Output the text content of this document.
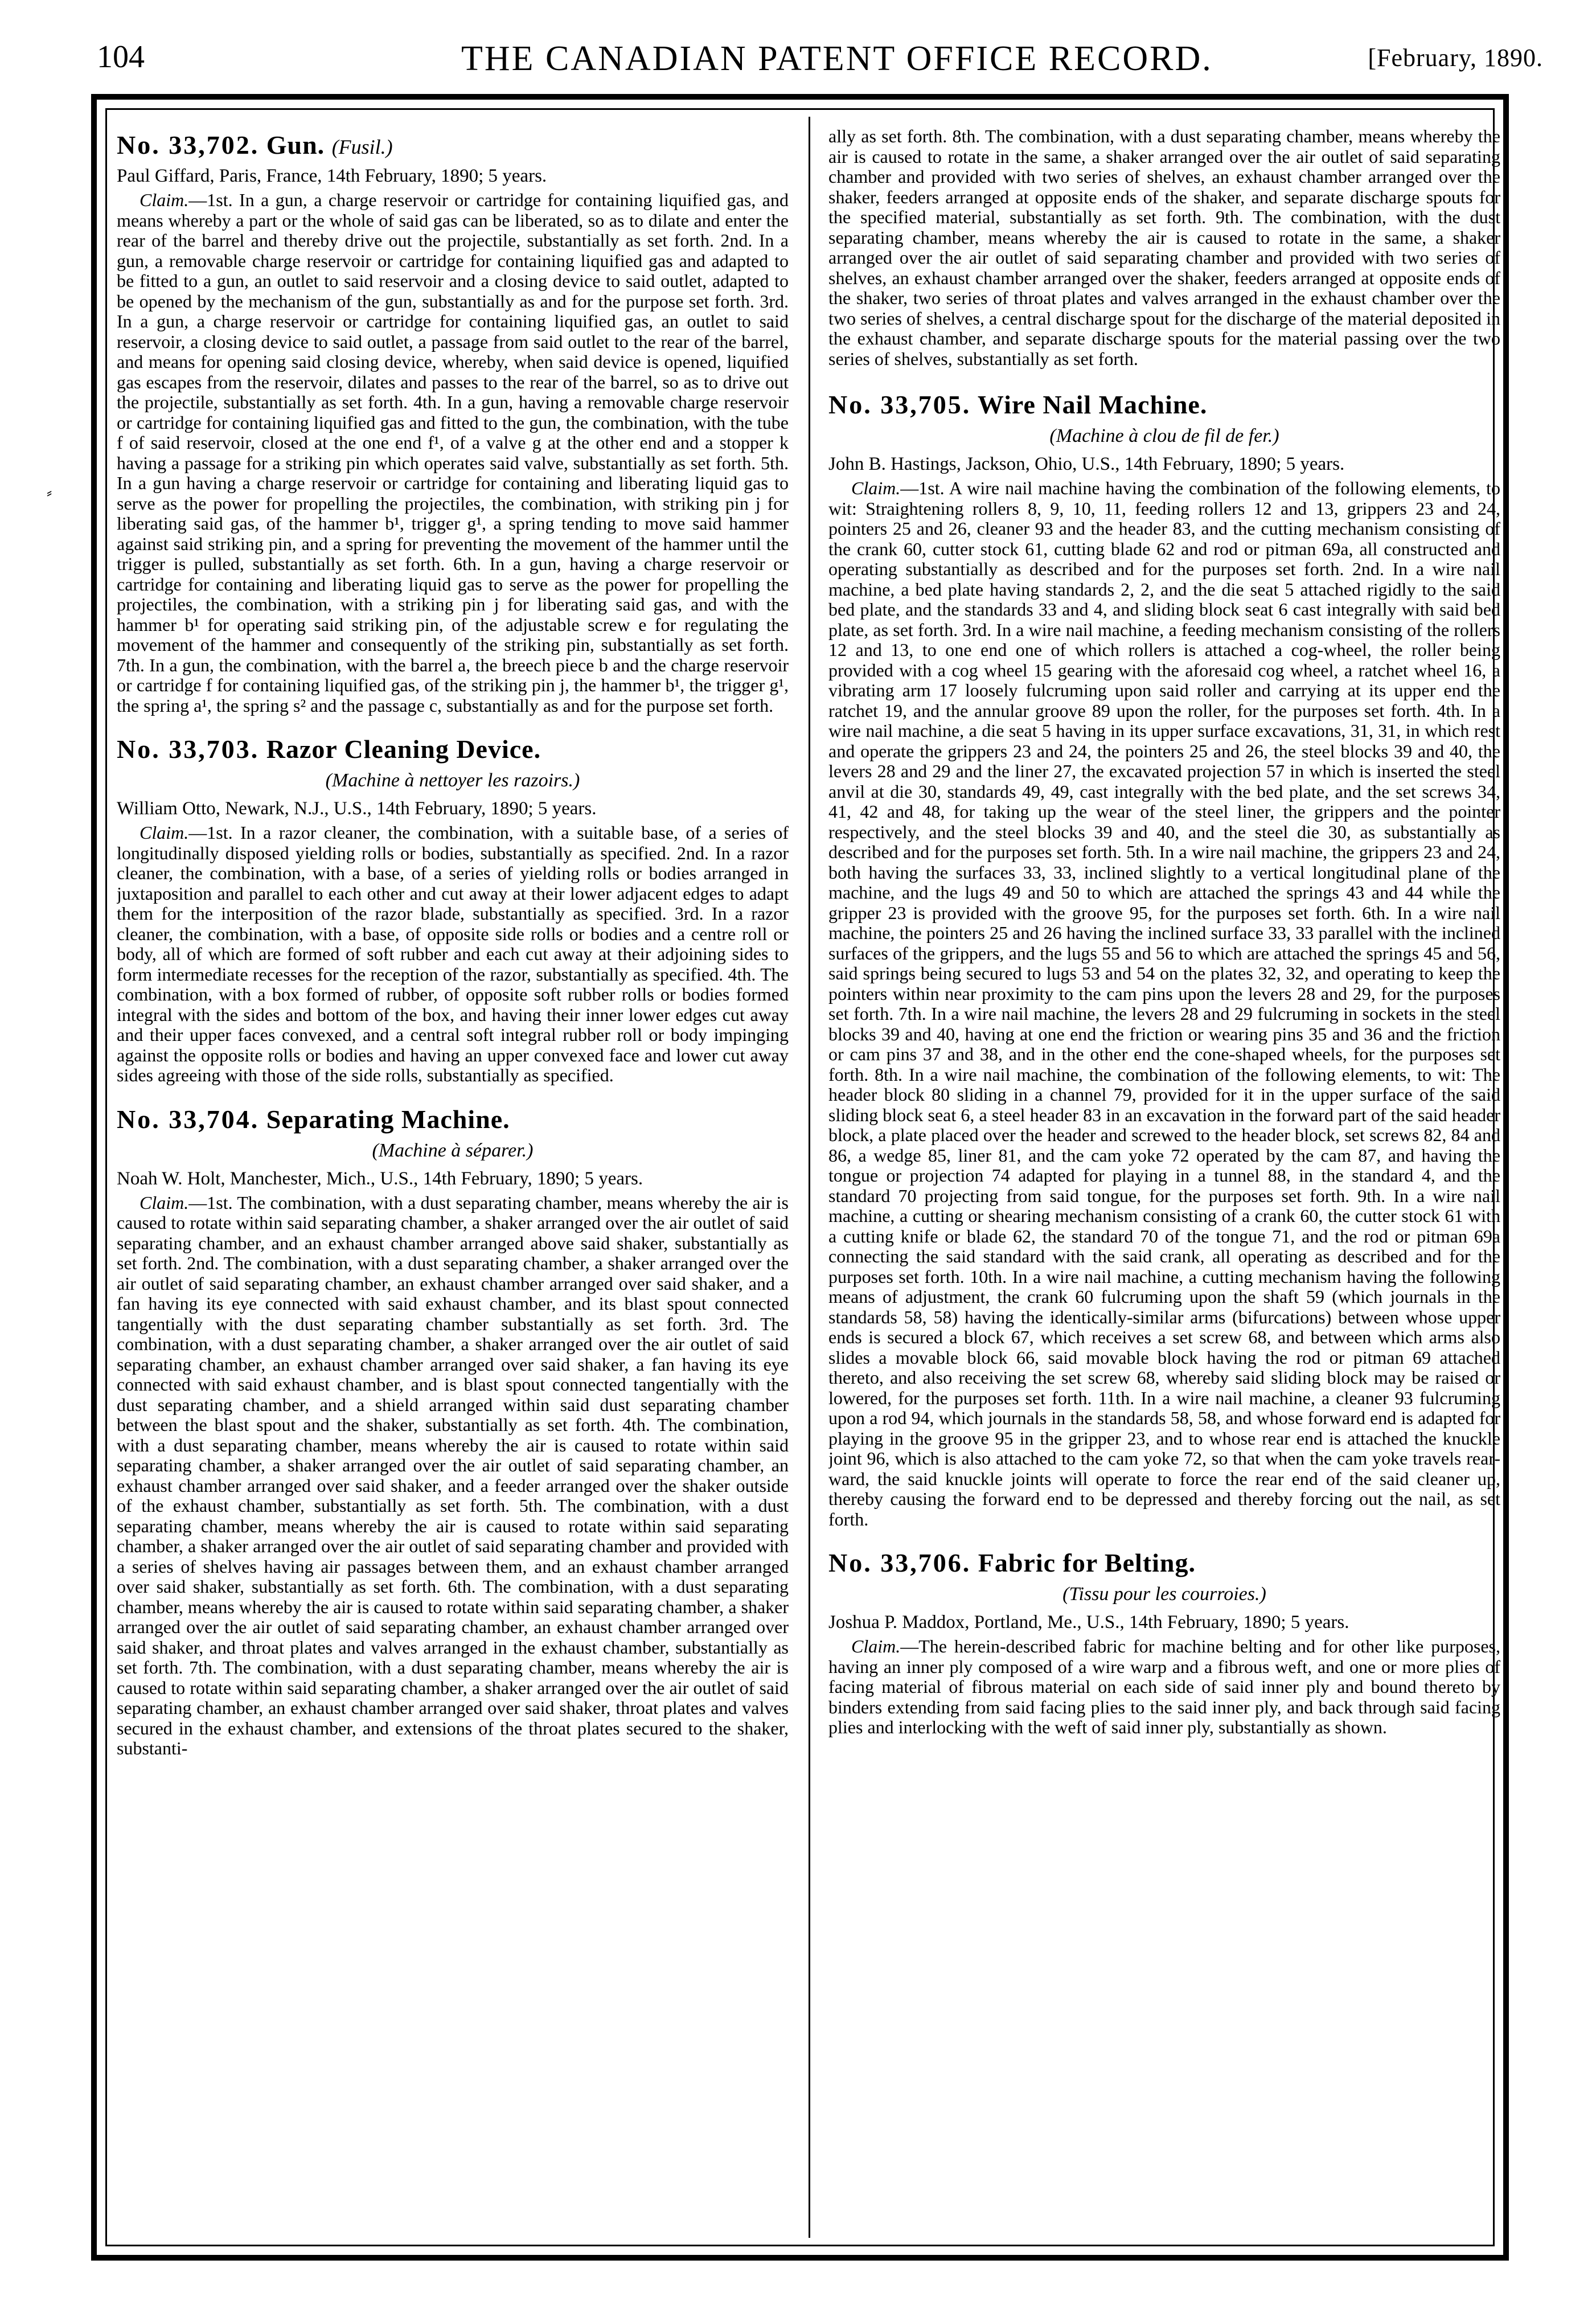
104	THE CANADIAN PATENT OFFICE RECORD.	[February, 1890.
⸗
No. 33,702. Gun. (Fusil.)

Paul Giffard, Paris, France, 14th February, 1890; 5 years.

Claim.—1st. In a gun, a charge reservoir or cartridge for containing liquified gas, and means whereby a part or the whole of said gas can be liberated, so as to dilate and enter the rear of the barrel and thereby drive out the projectile, substantially as set forth. 2nd. In a gun, a removable charge reservoir or cartridge for containing liquified gas and adapted to be fitted to a gun, an outlet to said reservoir and a closing device to said outlet, adapted to be opened by the mechanism of the gun, substantially as and for the purpose set forth. 3rd. In a gun, a charge reservoir or cartridge for containing liquified gas, an outlet to said reservoir, a closing device to said outlet, a passage from said outlet to the rear of the barrel, and means for opening said closing device, whereby, when said device is opened, liquified gas escapes from the reservoir, dilates and passes to the rear of the barrel, so as to drive out the projectile, substantially as set forth. 4th. In a gun, having a removable charge reservoir or cartridge for containing liquified gas and fitted to the gun, the combination, with the tube f of said reservoir, closed at the one end f¹, of a valve g at the other end and a stopper k having a passage for a striking pin which operates said valve, substantially as set forth. 5th. In a gun having a charge reservoir or cartridge for containing and liberating liquid gas to serve as the power for propelling the projectiles, the combination, with striking pin j for liberating said gas, of the hammer b¹, trigger g¹, a spring tending to move said hammer against said striking pin, and a spring for preventing the movement of the hammer until the trigger is pulled, substantially as set forth. 6th. In a gun, having a charge reservoir or cartridge for containing and liberating liquid gas to serve as the power for propelling the projectiles, the combination, with a striking pin j for liberating said gas, and with the hammer b¹ for operating said striking pin, of the adjustable screw e for regulating the movement of the hammer and consequently of the striking pin, substantially as set forth. 7th. In a gun, the combination, with the barrel a, the breech piece b and the charge reservoir or cartridge f for containing liquified gas, of the striking pin j, the hammer b¹, the trigger g¹, the spring a¹, the spring s² and the passage c, substantially as and for the purpose set forth.

No. 33,703. Razor Cleaning Device.
(Machine à nettoyer les razoirs.)

William Otto, Newark, N.J., U.S., 14th February, 1890; 5 years.

Claim.—1st. In a razor cleaner, the combination, with a suitable base, of a series of longitudinally disposed yielding rolls or bodies, substantially as specified. 2nd. In a razor cleaner, the combination, with a base, of a series of yielding rolls or bodies arranged in juxtaposition and parallel to each other and cut away at their lower adjacent edges to adapt them for the interposition of the razor blade, substantially as specified. 3rd. In a razor cleaner, the combination, with a base, of opposite side rolls or bodies and a centre roll or body, all of which are formed of soft rubber and each cut away at their adjoining sides to form intermediate recesses for the reception of the razor, substantially as specified. 4th. The combination, with a box formed of rubber, of opposite soft rubber rolls or bodies formed integral with the sides and bottom of the box, and having their inner lower edges cut away and their upper faces convexed, and a central soft integral rubber roll or body impinging against the opposite rolls or bodies and having an upper convexed face and lower cut away sides agreeing with those of the side rolls, substantially as specified.

No. 33,704. Separating Machine.
(Machine à séparer.)

Noah W. Holt, Manchester, Mich., U.S., 14th February, 1890; 5 years.

Claim.—1st. The combination, with a dust separating chamber, means whereby the air is caused to rotate within said separating chamber, a shaker arranged over the air outlet of said separating chamber, and an exhaust chamber arranged above said shaker, substantially as set forth. 2nd. The combination, with a dust separating chamber, a shaker arranged over the air outlet of said separating chamber, an exhaust chamber arranged over said shaker, and a fan having its eye connected with said exhaust chamber, and its blast spout connected tangentially with the dust separating chamber substantially as set forth. 3rd. The combination, with a dust separating chamber, a shaker arranged over the air outlet of said separating chamber, an exhaust chamber arranged over said shaker, a fan having its eye connected with said exhaust chamber, and is blast spout connected tangentially with the dust separating chamber, and a shield arranged within said dust separating chamber between the blast spout and the shaker, substantially as set forth. 4th. The combination, with a dust separating chamber, means whereby the air is caused to rotate within said separating chamber, a shaker arranged over the air outlet of said separating chamber, an exhaust chamber arranged over said shaker, and a feeder arranged over the shaker outside of the exhaust chamber, substantially as set forth. 5th. The combination, with a dust separating chamber, means whereby the air is caused to rotate within said separating chamber, a shaker arranged over the air outlet of said separating chamber and provided with a series of shelves having air passages between them, and an exhaust chamber arranged over said shaker, substantially as set forth. 6th. The combination, with a dust separating chamber, means whereby the air is caused to rotate within said separating chamber, a shaker arranged over the air outlet of said separating chamber, an exhaust chamber arranged over said shaker, and throat plates and valves arranged in the exhaust chamber, substantially as set forth. 7th. The combination, with a dust separating chamber, means whereby the air is caused to rotate within said separating chamber, a shaker arranged over the air outlet of said separating chamber, an exhaust chamber arranged over said shaker, throat plates and valves secured in the exhaust chamber, and extensions of the throat plates secured to the shaker, substanti-

ally as set forth. 8th. The combination, with a dust separating chamber, means whereby the air is caused to rotate in the same, a shaker arranged over the air outlet of said separating chamber and provided with two series of shelves, an exhaust chamber arranged over the shaker, feeders arranged at opposite ends of the shaker, and separate discharge spouts for the specified material, substantially as set forth. 9th. The combination, with the dust separating chamber, means whereby the air is caused to rotate in the same, a shaker arranged over the air outlet of said separating chamber and provided with two series of shelves, an exhaust chamber arranged over the shaker, feeders arranged at opposite ends of the shaker, two series of throat plates and valves arranged in the exhaust chamber over the two series of shelves, a central discharge spout for the discharge of the material deposited in the exhaust chamber, and separate discharge spouts for the material passing over the two series of shelves, substantially as set forth.

No. 33,705. Wire Nail Machine.
(Machine à clou de fil de fer.)

John B. Hastings, Jackson, Ohio, U.S., 14th February, 1890; 5 years.

Claim.—1st. A wire nail machine having the combination of the following elements, to wit: Straightening rollers 8, 9, 10, 11, feeding rollers 12 and 13, grippers 23 and 24, pointers 25 and 26, cleaner 93 and the header 83, and the cutting mechanism consisting of the crank 60, cutter stock 61, cutting blade 62 and rod or pitman 69a, all constructed and operating substantially as described and for the purposes set forth. 2nd. In a wire nail machine, a bed plate having standards 2, 2, and the die seat 5 attached rigidly to the said bed plate, and the standards 33 and 4, and sliding block seat 6 cast integrally with said bed plate, as set forth. 3rd. In a wire nail machine, a feeding mechanism consisting of the rollers 12 and 13, to one end one of which rollers is attached a cog-wheel, the roller being provided with a cog wheel 15 gearing with the aforesaid cog wheel, a ratchet wheel 16, a vibrating arm 17 loosely fulcruming upon said roller and carrying at its upper end the ratchet 19, and the annular groove 89 upon the roller, for the purposes set forth. 4th. In a wire nail machine, a die seat 5 having in its upper surface excavations, 31, 31, in which rest and operate the grippers 23 and 24, the pointers 25 and 26, the steel blocks 39 and 40, the levers 28 and 29 and the liner 27, the excavated projection 57 in which is inserted the steel anvil at die 30, standards 49, 49, cast integrally with the bed plate, and the set screws 34, 41, 42 and 48, for taking up the wear of the steel liner, the grippers and the pointer respectively, and the steel blocks 39 and 40, and the steel die 30, as substantially as described and for the purposes set forth. 5th. In a wire nail machine, the grippers 23 and 24, both having the surfaces 33, 33, inclined slightly to a vertical longitudinal plane of the machine, and the lugs 49 and 50 to which are attached the springs 43 and 44 while the gripper 23 is provided with the groove 95, for the purposes set forth. 6th. In a wire nail machine, the pointers 25 and 26 having the inclined surface 33, 33 parallel with the inclined surfaces of the grippers, and the lugs 55 and 56 to which are attached the springs 45 and 56, said springs being secured to lugs 53 and 54 on the plates 32, 32, and operating to keep the pointers within near proximity to the cam pins upon the levers 28 and 29, for the purposes set forth. 7th. In a wire nail machine, the levers 28 and 29 fulcruming in sockets in the steel blocks 39 and 40, having at one end the friction or wearing pins 35 and 36 and the friction or cam pins 37 and 38, and in the other end the cone-shaped wheels, for the purposes set forth. 8th. In a wire nail machine, the combination of the following elements, to wit: The header block 80 sliding in a channel 79, provided for it in the upper surface of the said sliding block seat 6, a steel header 83 in an excavation in the forward part of the said header block, a plate placed over the header and screwed to the header block, set screws 82, 84 and 86, a wedge 85, liner 81, and the cam yoke 72 operated by the cam 87, and having the tongue or projection 74 adapted for playing in a tunnel 88, in the standard 4, and the standard 70 projecting from said tongue, for the purposes set forth. 9th. In a wire nail machine, a cutting or shearing mechanism consisting of a crank 60, the cutter stock 61 with a cutting knife or blade 62, the standard 70 of the tongue 71, and the rod or pitman 69a connecting the said standard with the said crank, all operating as described and for the purposes set forth. 10th. In a wire nail machine, a cutting mechanism having the following means of adjustment, the crank 60 fulcruming upon the shaft 59 (which journals in the standards 58, 58) having the identically-similar arms (bifurcations) between whose upper ends is secured a block 67, which receives a set screw 68, and between which arms also slides a movable block 66, said movable block having the rod or pitman 69 attached thereto, and also receiving the set screw 68, whereby said sliding block may be raised or lowered, for the purposes set forth. 11th. In a wire nail machine, a cleaner 93 fulcruming upon a rod 94, which journals in the standards 58, 58, and whose forward end is adapted for playing in the groove 95 in the gripper 23, and to whose rear end is attached the knuckle joint 96, which is also attached to the cam yoke 72, so that when the cam yoke travels rear-ward, the said knuckle joints will operate to force the rear end of the said cleaner up, thereby causing the forward end to be depressed and thereby forcing out the nail, as set forth.

No. 33,706. Fabric for Belting.
(Tissu pour les courroies.)

Joshua P. Maddox, Portland, Me., U.S., 14th February, 1890; 5 years.

Claim.—The herein-described fabric for machine belting and for other like purposes, having an inner ply composed of a wire warp and a fibrous weft, and one or more plies of facing material of fibrous material on each side of said inner ply and bound thereto by binders extending from said facing plies to the said inner ply, and back through said facing plies and interlocking with the weft of said inner ply, substantially as shown.
